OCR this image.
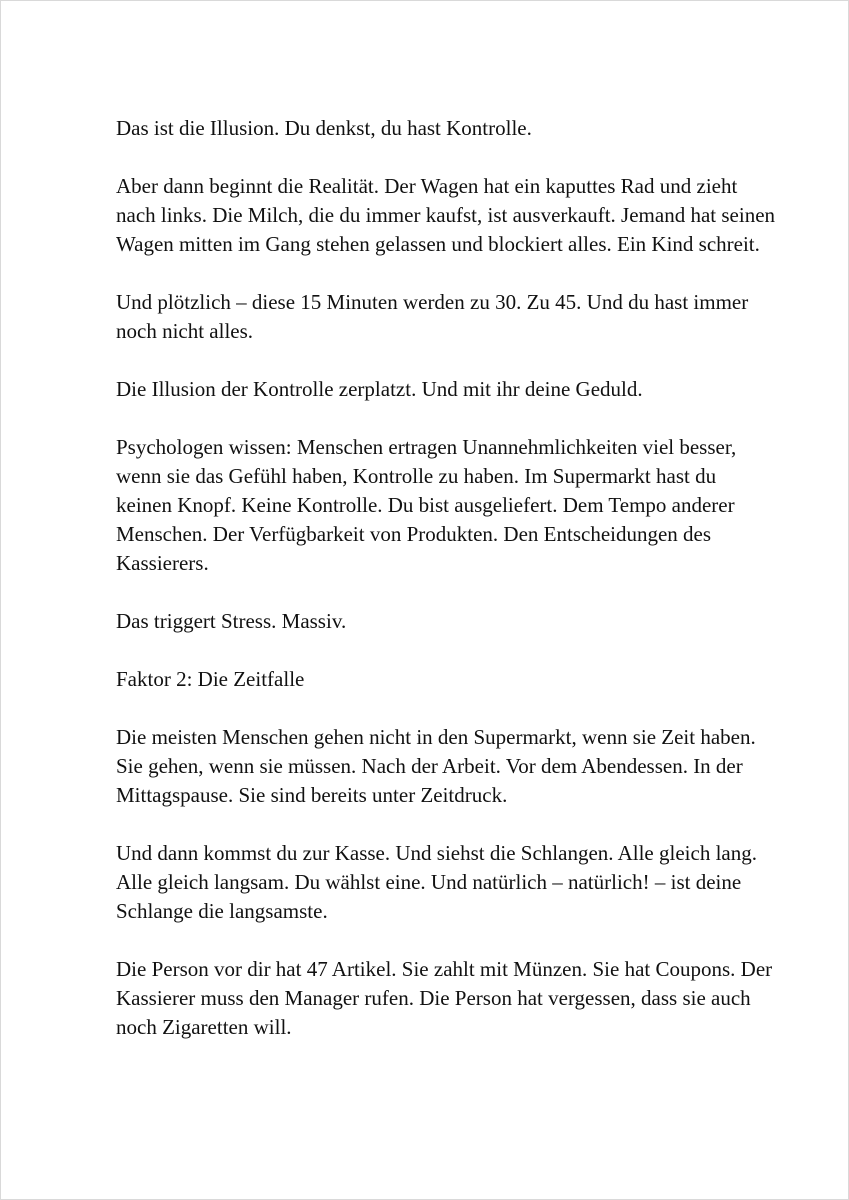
Das ist die Illusion. Du denkst, du hast Kontrolle.

Aber dann beginnt die Realität. Der Wagen hat ein kaputtes Rad und zieht nach links. Die Milch, die du immer kaufst, ist ausverkauft. Jemand hat seinen Wagen mitten im Gang stehen gelassen und blockiert alles. Ein Kind schreit.

Und plötzlich – diese 15 Minuten werden zu 30. Zu 45. Und du hast immer noch nicht alles.

Die Illusion der Kontrolle zerplatzt. Und mit ihr deine Geduld.

Psychologen wissen: Menschen ertragen Unannehmlichkeiten viel besser, wenn sie das Gefühl haben, Kontrolle zu haben. Im Supermarkt hast du keinen Knopf. Keine Kontrolle. Du bist ausgeliefert. Dem Tempo anderer Menschen. Der Verfügbarkeit von Produkten. Den Entscheidungen des Kassierers.

Das triggert Stress. Massiv.

Faktor 2: Die Zeitfalle

Die meisten Menschen gehen nicht in den Supermarkt, wenn sie Zeit haben. Sie gehen, wenn sie müssen. Nach der Arbeit. Vor dem Abendessen. In der Mittagspause. Sie sind bereits unter Zeitdruck.

Und dann kommst du zur Kasse. Und siehst die Schlangen. Alle gleich lang. Alle gleich langsam. Du wählst eine. Und natürlich – natürlich! – ist deine Schlange die langsamste.

Die Person vor dir hat 47 Artikel. Sie zahlt mit Münzen. Sie hat Coupons. Der Kassierer muss den Manager rufen. Die Person hat vergessen, dass sie auch noch Zigaretten will.
